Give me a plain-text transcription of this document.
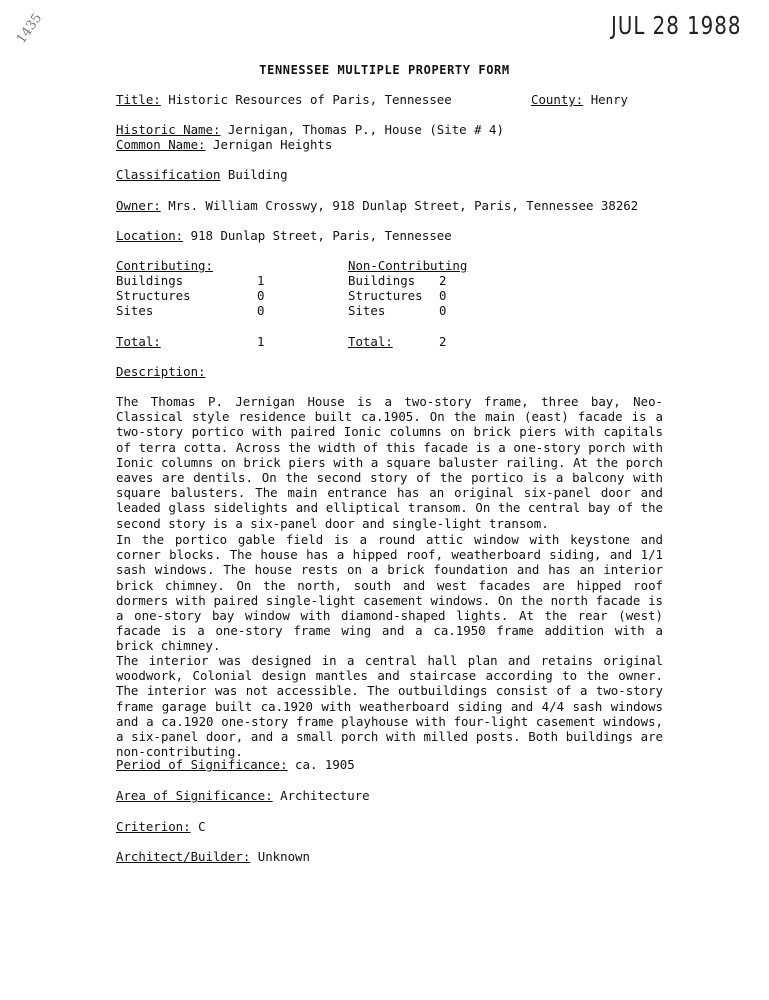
JUL 28 1988
1435
TENNESSEE MULTIPLE PROPERTY FORM
Title: Historic Resources of Paris, Tennessee	County: Henry
Historic Name: Jernigan, Thomas P., House (Site # 4)
Common Name: Jernigan Heights
Classification Building
Owner: Mrs. William Crosswy, 918 Dunlap Street, Paris, Tennessee 38262
Location: 918 Dunlap Street, Paris, Tennessee
Contributing:	Non-Contributing
Buildings	1	Buildings 2
Structures	0	Structures 0
Sites	0	Sites	0
Total:	1	Total:	2
Description:
The Thomas P. Jernigan House is a two-story frame, three bay, Neo-Classical style residence built ca.1905. On the main (east) facade is a two-story portico with paired Ionic columns on brick piers with capitals of terra cotta. Across the width of this facade is a one-story porch with Ionic columns on brick piers with a square baluster railing. At the porch eaves are dentils. On the second story of the portico is a balcony with square balusters. The main entrance has an original six-panel door and leaded glass sidelights and elliptical transom. On the central bay of the second story is a six-panel door and single-light transom.
In the portico gable field is a round attic window with keystone and corner blocks. The house has a hipped roof, weatherboard siding, and 1/1 sash windows. The house rests on a brick foundation and has an interior brick chimney. On the north, south and west facades are hipped roof dormers with paired single-light casement windows. On the north facade is a one-story bay window with diamond-shaped lights. At the rear (west) facade is a one-story frame wing and a ca.1950 frame addition with a brick chimney.
The interior was designed in a central hall plan and retains original woodwork, Colonial design mantles and staircase according to the owner. The interior was not accessible. The outbuildings consist of a two-story frame garage built ca.1920 with weatherboard siding and 4/4 sash windows and a ca.1920 one-story frame playhouse with four-light casement windows, a six-panel door, and a small porch with milled posts. Both buildings are non-contributing.
Period of Significance: ca. 1905
Area of Significance: Architecture
Criterion: C
Architect/Builder: Unknown
